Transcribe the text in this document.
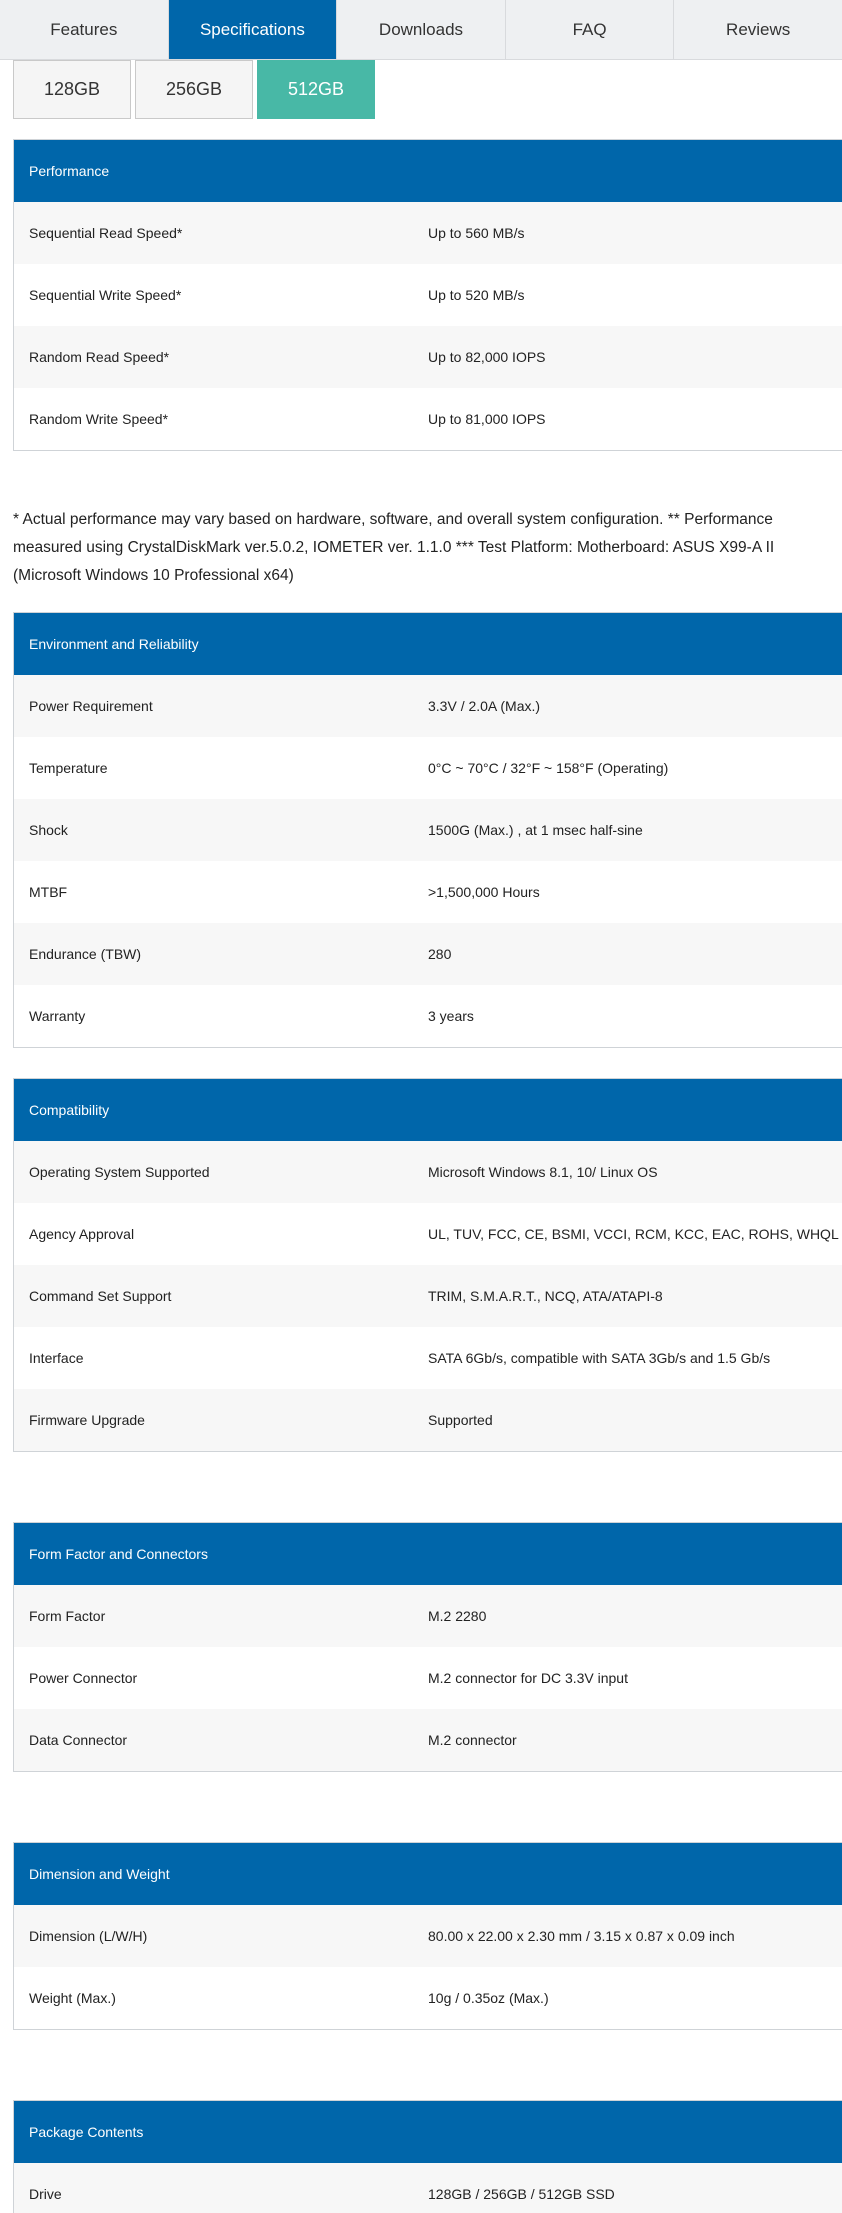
Features	Specifications	Downloads	FAQ	Reviews
128GB	256GB	512GB
Performance
Sequential Read Speed*	Up to 560 MB/s
Sequential Write Speed*	Up to 520 MB/s
Random Read Speed*	Up to 82,000 IOPS
Random Write Speed*	Up to 81,000 IOPS

* Actual performance may vary based on hardware, software, and overall system configuration. ** Performance measured using CrystalDiskMark ver.5.0.2, IOMETER ver. 1.1.0 *** Test Platform: Motherboard: ASUS X99-A II (Microsoft Windows 10 Professional x64)

Environment and Reliability
Power Requirement	3.3V / 2.0A (Max.)
Temperature	0°C ~ 70°C / 32°F ~ 158°F (Operating)
Shock	1500G (Max.) , at 1 msec half-sine
MTBF	>1,500,000 Hours
Endurance (TBW)	280
Warranty	3 years
Compatibility
Operating System Supported	Microsoft Windows 8.1, 10/ Linux OS
Agency Approval	UL, TUV, FCC, CE, BSMI, VCCI, RCM, KCC, EAC, ROHS, WHQL
Command Set Support	TRIM, S.M.A.R.T., NCQ, ATA/ATAPI-8
Interface	SATA 6Gb/s, compatible with SATA 3Gb/s and 1.5 Gb/s
Firmware Upgrade	Supported
Form Factor and Connectors
Form Factor	M.2 2280
Power Connector	M.2 connector for DC 3.3V input
Data Connector	M.2 connector
Dimension and Weight
Dimension (L/W/H)	80.00 x 22.00 x 2.30 mm / 3.15 x 0.87 x 0.09 inch
Weight (Max.)	10g / 0.35oz (Max.)
Package Contents
Drive	128GB / 256GB / 512GB SSD
